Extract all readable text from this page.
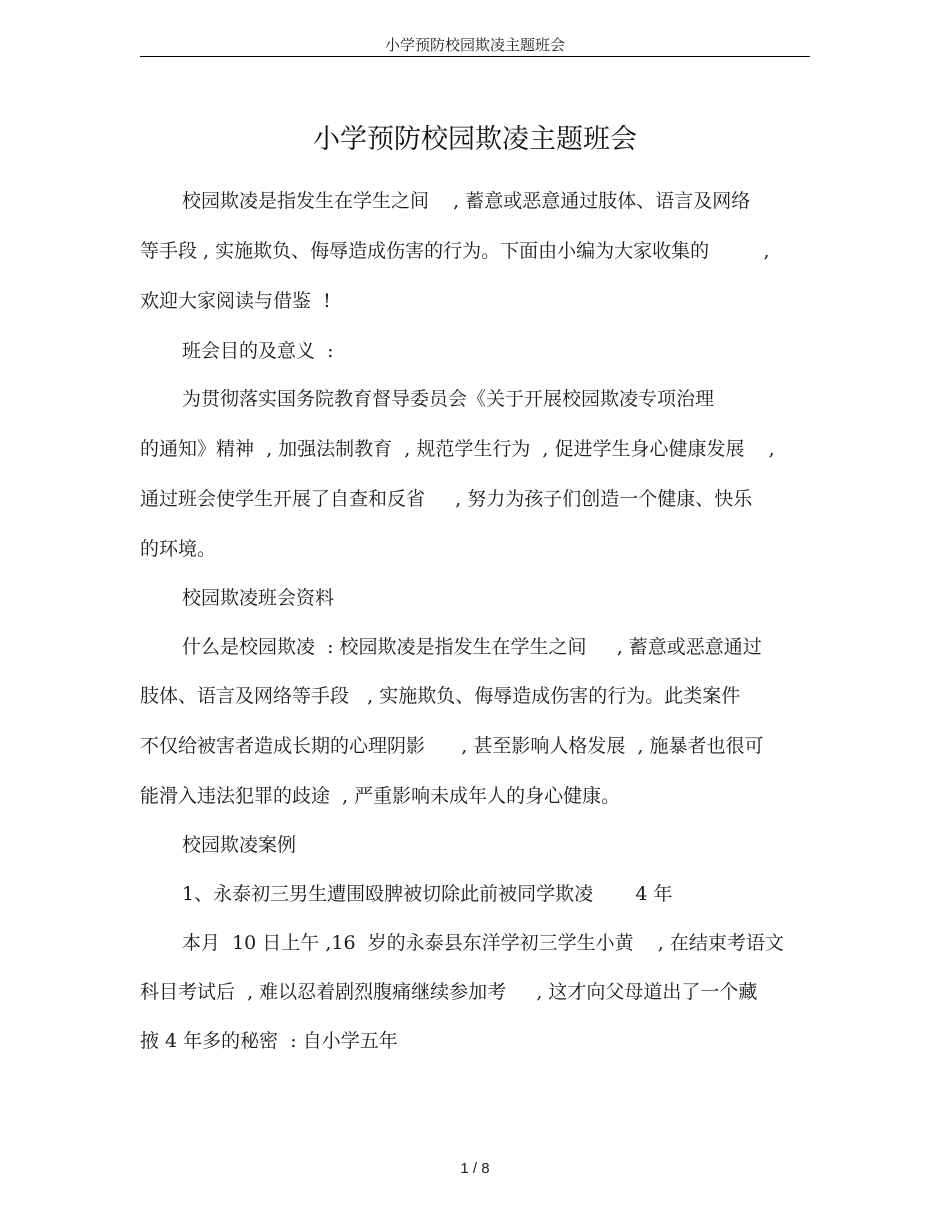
小学预防校园欺凌主题班会
小学预防校园欺凌主题班会
校园欺凌是指发生在学生之间    , 蓄意或恶意通过肢体、语言及网络
等手段 , 实施欺负、侮辱造成伤害的行为。下面由小编为大家收集的         ,
欢迎大家阅读与借鉴  !
班会目的及意义  :
为贯彻落实国务院教育督导委员会《关于开展校园欺凌专项治理
的通知》精神  , 加强法制教育  , 规范学生行为  , 促进学生身心健康发展    ,
通过班会使学生开展了自查和反省     , 努力为孩子们创造一个健康、快乐
的环境。
校园欺凌班会资料
什么是校园欺凌  : 校园欺凌是指发生在学生之间     , 蓄意或恶意通过
肢体、语言及网络等手段   , 实施欺负、侮辱造成伤害的行为。此类案件
不仅给被害者造成长期的心理阴影      , 甚至影响人格发展  , 施暴者也很可
能滑入违法犯罪的歧途  , 严重影响未成年人的身心健康。
校园欺凌案例
1、永泰初三男生遭围殴脾被切除此前被同学欺凌       4 年
本月  10 日上午 ,16  岁的永泰县东洋学初三学生小黄    , 在结束考语文
科目考试后  , 难以忍着剧烈腹痛继续参加考     , 这才向父母道出了一个藏
掖 4 年多的秘密  : 自小学五年
1 / 8
